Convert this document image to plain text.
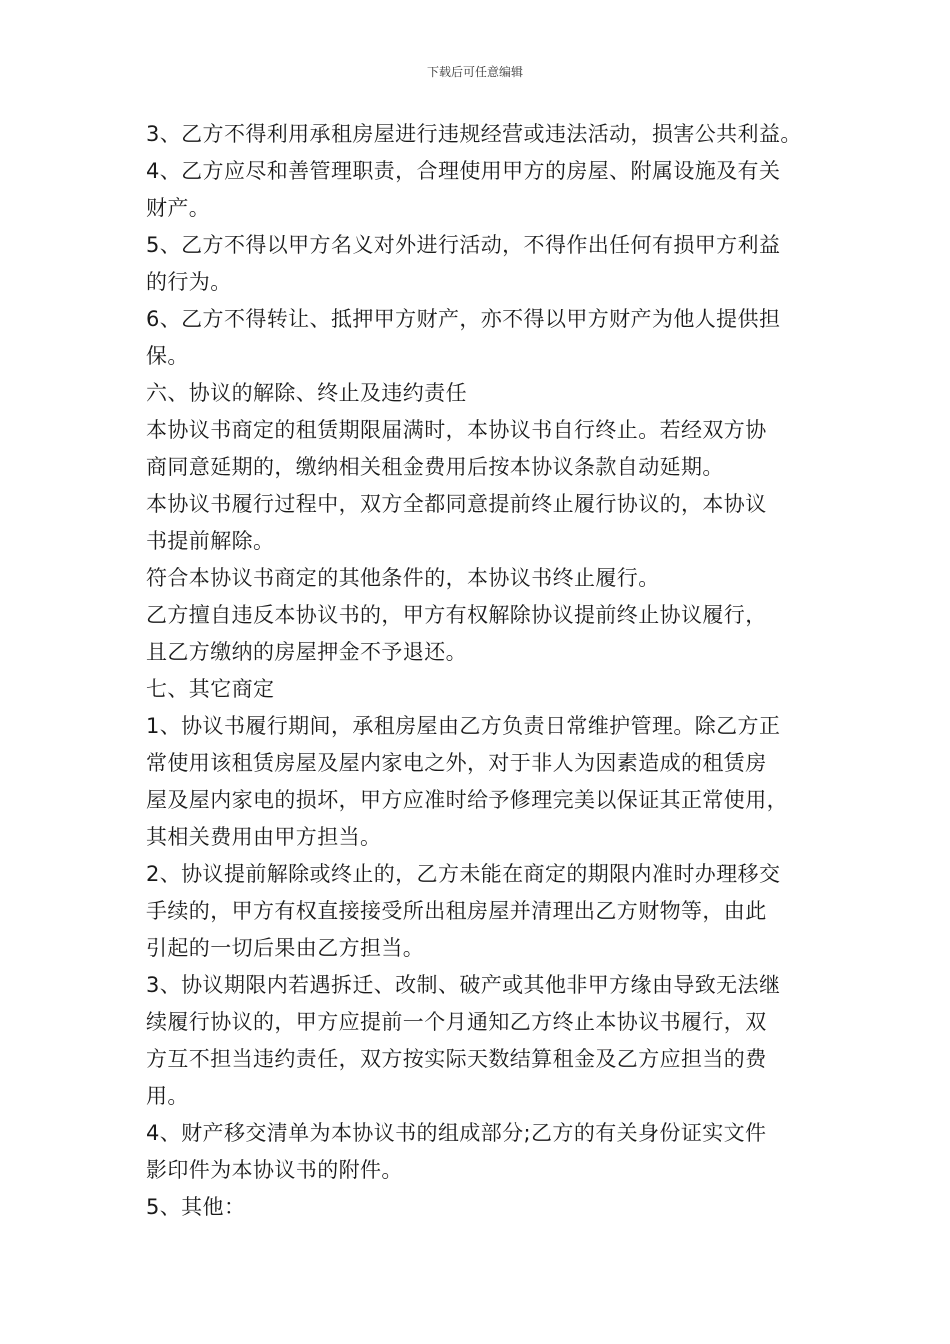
下载后可任意编辑
3、乙方不得利用承租房屋进行违规经营或违法活动，损害公共利益。
4、乙方应尽和善管理职责，合理使用甲方的房屋、附属设施及有关
财产。
5、乙方不得以甲方名义对外进行活动，不得作出任何有损甲方利益
的行为。
6、乙方不得转让、抵押甲方财产，亦不得以甲方财产为他人提供担
保。
六、协议的解除、终止及违约责任
本协议书商定的租赁期限届满时，本协议书自行终止。若经双方协
商同意延期的，缴纳相关租金费用后按本协议条款自动延期。
本协议书履行过程中，双方全都同意提前终止履行协议的，本协议
书提前解除。
符合本协议书商定的其他条件的，本协议书终止履行。
乙方擅自违反本协议书的，甲方有权解除协议提前终止协议履行，
且乙方缴纳的房屋押金不予退还。
七、其它商定
1、协议书履行期间，承租房屋由乙方负责日常维护管理。除乙方正
常使用该租赁房屋及屋内家电之外，对于非人为因素造成的租赁房
屋及屋内家电的损坏，甲方应准时给予修理完美以保证其正常使用，
其相关费用由甲方担当。
2、协议提前解除或终止的，乙方未能在商定的期限内准时办理移交
手续的，甲方有权直接接受所出租房屋并清理出乙方财物等，由此
引起的一切后果由乙方担当。
3、协议期限内若遇拆迁、改制、破产或其他非甲方缘由导致无法继
续履行协议的，甲方应提前一个月通知乙方终止本协议书履行，双
方互不担当违约责任，双方按实际天数结算租金及乙方应担当的费
用。
4、财产移交清单为本协议书的组成部分;乙方的有关身份证实文件
影印件为本协议书的附件。
5、其他：
